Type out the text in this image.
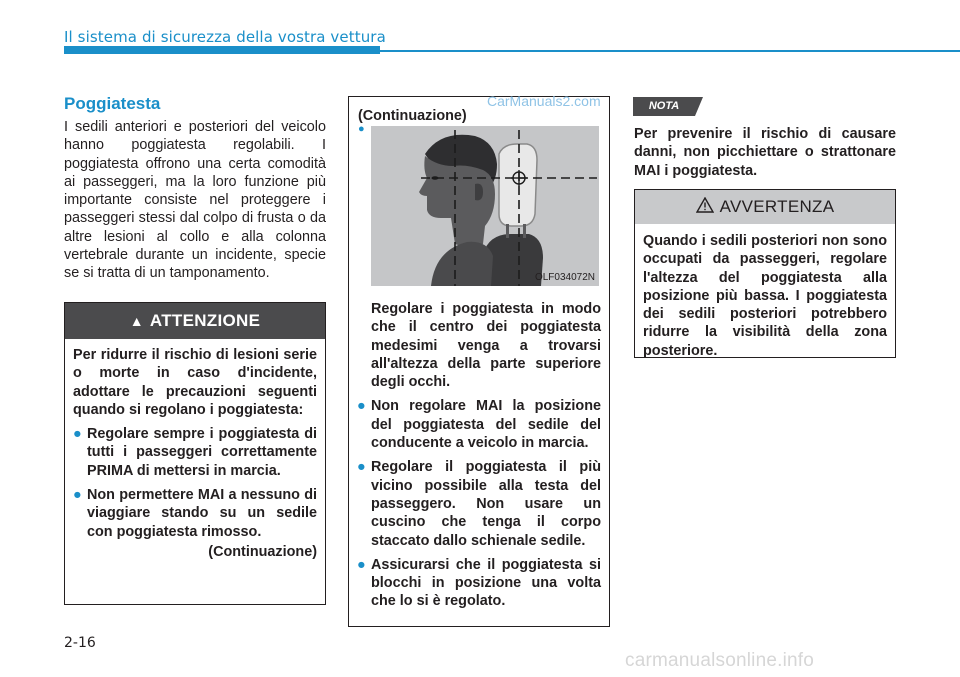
Il sistema di sicurezza della vostra vettura
Poggiatesta
I sedili anteriori e posteriori del veicolo hanno poggiatesta regolabili. I poggiatesta offrono una certa comodità ai passeggeri, ma la loro funzione più importante consiste nel proteggere i passeggeri stessi dal colpo di frusta o da altre lesioni al collo e alla colonna vertebrale durante un incidente, specie se si tratta di un tamponamento.
▲ ATTENZIONE
Per ridurre il rischio di lesioni serie o morte in caso d'incidente, adottare le precauzioni seguenti quando si regolano i poggiatesta:
● Regolare sempre i poggiatesta di tutti i passeggeri correttamente PRIMA di mettersi in marcia.
● Non permettere MAI a nessuno di viaggiare stando su un sedile con poggiatesta rimosso.
(Continuazione)
(Continuazione)
●
Regolare i poggiatesta in modo che il centro dei poggiatesta medesimi venga a trovarsi all'altezza della parte superiore degli occhi.
● Non regolare MAI la posizione del poggiatesta del sedile del conducente a veicolo in marcia.
● Regolare il poggiatesta il più vicino possibile alla testa del passeggero. Non usare un cuscino che tenga il corpo staccato dallo schienale sedile.
● Assicurarsi che il poggiatesta si blocchi in posizione una volta che lo si è regolato.
OLF034072N
CarManuals2.com	NOTA
Per prevenire il rischio di causare danni, non picchiettare o strattonare MAI i poggiatesta.
AVVERTENZA
Quando i sedili posteriori non sono occupati da passeggeri, regolare l'altezza del poggiatesta alla posizione più bassa. I poggiatesta dei sedili posteriori potrebbero ridurre la visibilità della zona posteriore.
2-16
carmanualsonline.info
